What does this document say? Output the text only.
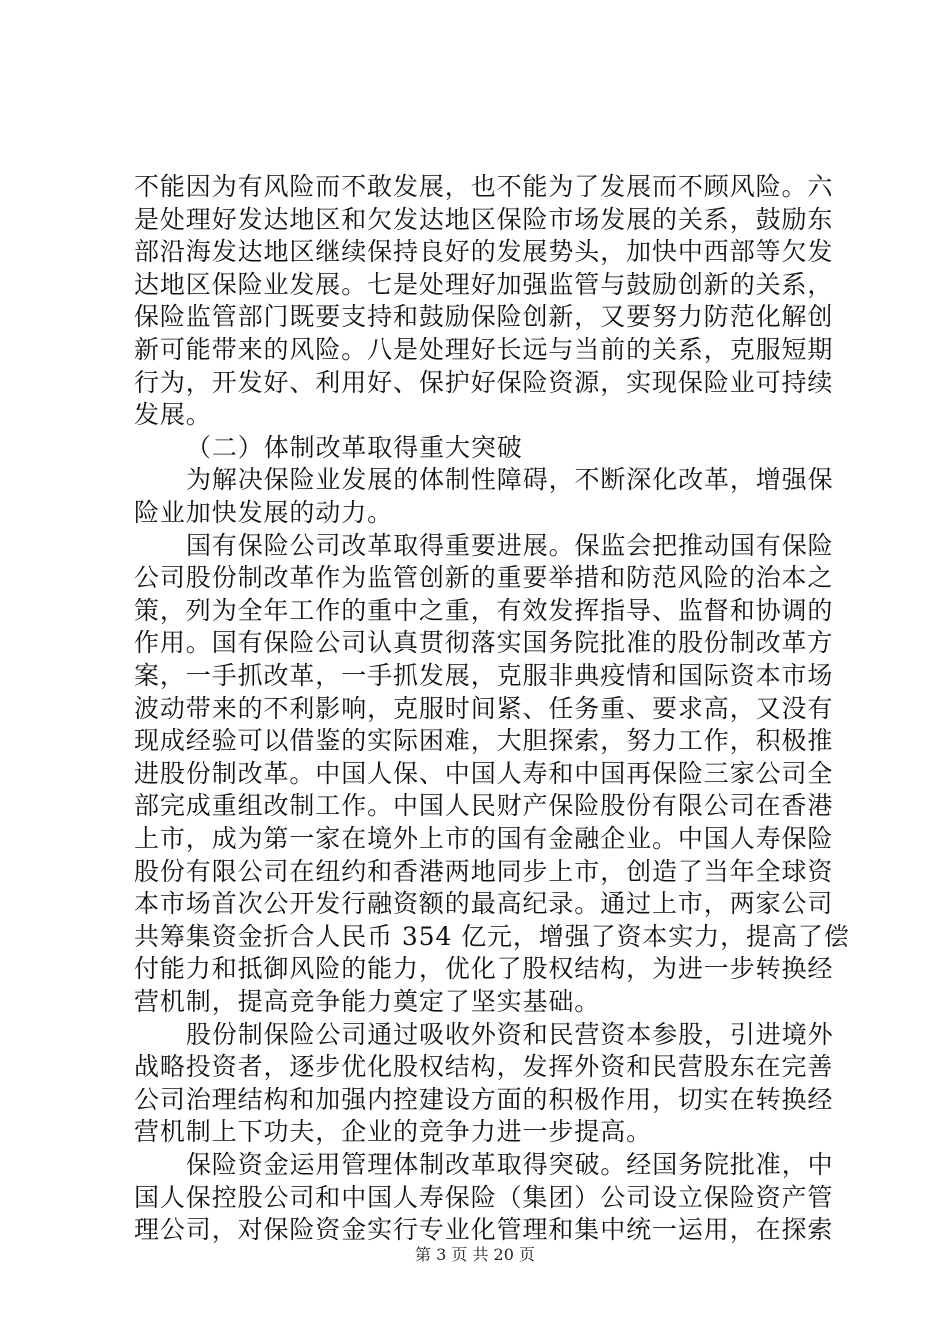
不能因为有风险而不敢发展，也不能为了发展而不顾风险。六
是处理好发达地区和欠发达地区保险市场发展的关系，鼓励东
部沿海发达地区继续保持良好的发展势头，加快中西部等欠发
达地区保险业发展。七是处理好加强监管与鼓励创新的关系，
保险监管部门既要支持和鼓励保险创新，又要努力防范化解创
新可能带来的风险。八是处理好长远与当前的关系，克服短期
行为，开发好、利用好、保护好保险资源，实现保险业可持续
发展。
（二）体制改革取得重大突破
为解决保险业发展的体制性障碍，不断深化改革，增强保
险业加快发展的动力。
国有保险公司改革取得重要进展。保监会把推动国有保险
公司股份制改革作为监管创新的重要举措和防范风险的治本之
策，列为全年工作的重中之重，有效发挥指导、监督和协调的
作用。国有保险公司认真贯彻落实国务院批准的股份制改革方
案，一手抓改革，一手抓发展，克服非典疫情和国际资本市场
波动带来的不利影响，克服时间紧、任务重、要求高，又没有
现成经验可以借鉴的实际困难，大胆探索，努力工作，积极推
进股份制改革。中国人保、中国人寿和中国再保险三家公司全
部完成重组改制工作。中国人民财产保险股份有限公司在香港
上市，成为第一家在境外上市的国有金融企业。中国人寿保险
股份有限公司在纽约和香港两地同步上市，创造了当年全球资
本市场首次公开发行融资额的最高纪录。通过上市，两家公司
共筹集资金折合人民币 354 亿元，增强了资本实力，提高了偿
付能力和抵御风险的能力，优化了股权结构，为进一步转换经
营机制，提高竞争能力奠定了坚实基础。
股份制保险公司通过吸收外资和民营资本参股，引进境外
战略投资者，逐步优化股权结构，发挥外资和民营股东在完善
公司治理结构和加强内控建设方面的积极作用，切实在转换经
营机制上下功夫，企业的竞争力进一步提高。
保险资金运用管理体制改革取得突破。经国务院批准，中
国人保控股公司和中国人寿保险（集团）公司设立保险资产管
理公司，对保险资金实行专业化管理和集中统一运用，在探索
第 3 页 共 20 页
